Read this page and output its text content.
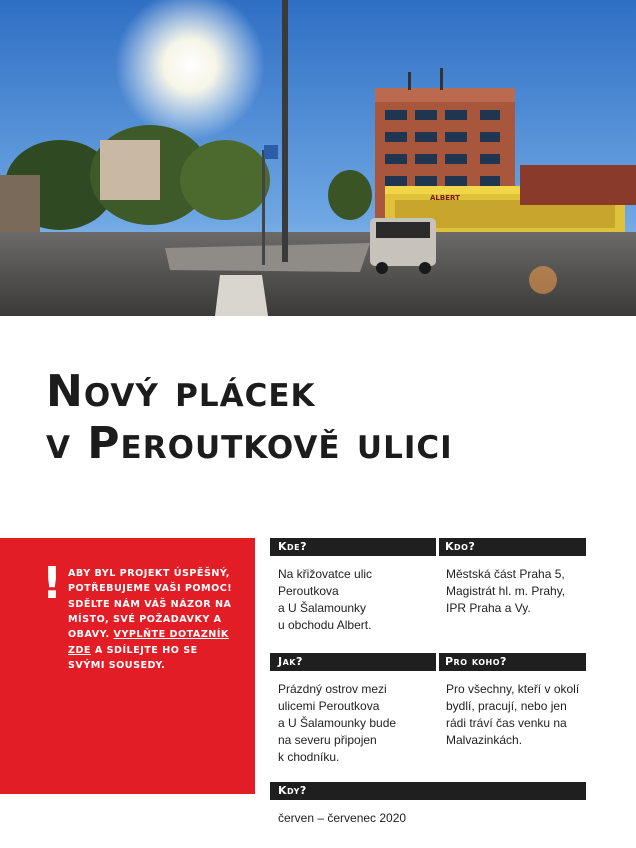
Nový plácek
v Peroutkově ulici
! ABY BYL PROJEKT ÚSPĚŠNÝ, POTŘEBUJEME VAŠI POMOC! SDĚLTE NÁM VÁŠ NÁZOR NA MÍSTO, SVÉ POŽADAVKY A OBAVY. VYPLŇTE DOTAZNÍK ZDE A SDÍLEJTE HO SE SVÝMI SOUSEDY.
Kde?	Kdo?
Na křižovatce ulic
Peroutkova
a U Šalamounky
u obchodu Albert.
Městská část Praha 5,
Magistrát hl. m. Prahy,
IPR Praha a Vy.
Jak?	Pro koho?
Prázdný ostrov mezi
ulicemi Peroutkova
a U Šalamounky bude
na severu připojen
k chodníku.
Pro všechny, kteří v okolí
bydlí, pracují, nebo jen
rádi tráví čas venku na
Malvazinkách.
Kdy?
červen – červenec 2020
ALBERT
